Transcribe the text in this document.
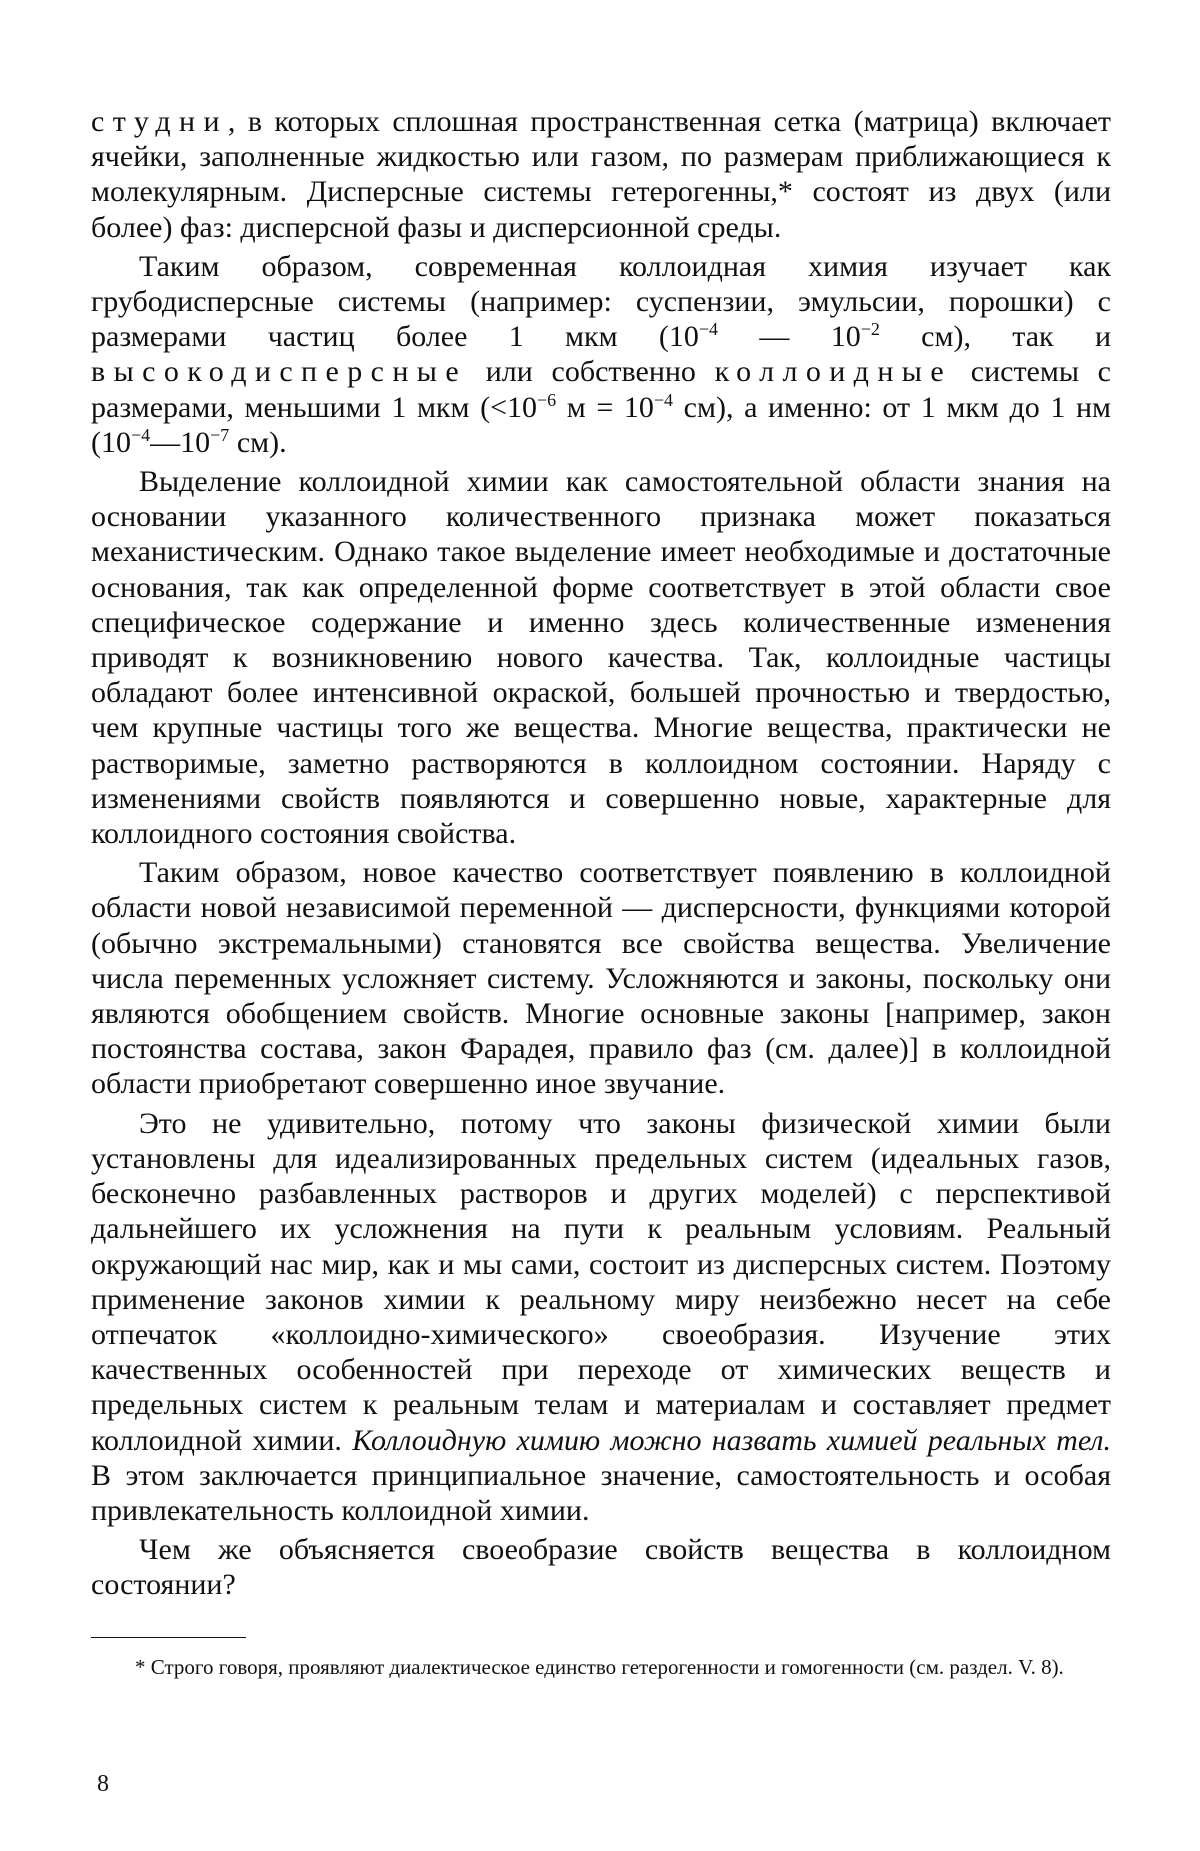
студни, в которых сплошная пространственная сетка (матрица) включает ячейки, заполненные жидкостью или газом, по размерам приближающиеся к молекулярным. Дисперсные системы гетерогенны,* состоят из двух (или более) фаз: дисперсной фазы и дисперсионной среды.

Таким образом, современная коллоидная химия изучает как грубодисперсные системы (например: суспензии, эмульсии, порошки) с размерами частиц более 1 мкм ($10^{-4}$ — $10^{-2}$ см), так и высокодисперсные или собственно коллоидные системы с размерами, меньшими 1 мкм ($<10^{-6}$ $м = 10^{-4}$ см), а именно: от 1 мкм до 1 нм ($10^{-4}—10^{-7}$ см).

Выделение коллоидной химии как самостоятельной области знания на основании указанного количественного признака может показаться механистическим. Однако такое выделение имеет необходимые и достаточные основания, так как определенной форме соответствует в этой области свое специфическое содержание и именно здесь количественные изменения приводят к возникновению нового качества. Так, коллоидные частицы обладают более интенсивной окраской, большей прочностью и твердостью, чем крупные частицы того же вещества. Многие вещества, практически не растворимые, заметно растворяются в коллоидном состоянии. Наряду с изменениями свойств появляются и совершенно новые, характерные для коллоидного состояния свойства.

Таким образом, новое качество соответствует появлению в коллоидной области новой независимой переменной — дисперсности, функциями которой (обычно экстремальными) становятся все свойства вещества. Увеличение числа переменных усложняет систему. Усложняются и законы, поскольку они являются обобщением свойств. Многие основные законы [например, закон постоянства состава, закон Фарадея, правило фаз (см. далее)] в коллоидной области приобретают совершенно иное звучание.

Это не удивительно, потому что законы физической химии были установлены для идеализированных предельных систем (идеальных газов, бесконечно разбавленных растворов и других моделей) с перспективой дальнейшего их усложнения на пути к реальным условиям. Реальный окружающий нас мир, как и мы сами, состоит из дисперсных систем. Поэтому применение законов химии к реальному миру неизбежно несет на себе отпечаток «коллоидно-химического» своеобразия. Изучение этих качественных особенностей при переходе от химических веществ и предельных систем к реальным телам и материалам и составляет предмет коллоидной химии. Коллоидную химию можно назвать химией реальных тел. В этом заключается принципиальное значение, самостоятельность и особая привлекательность коллоидной химии.

Чем же объясняется своеобразие свойств вещества в коллоидном состоянии?

* Строго говоря, проявляют диалектическое единство гетерогенности и гомогенности (см. раздел. V. 8).

8
